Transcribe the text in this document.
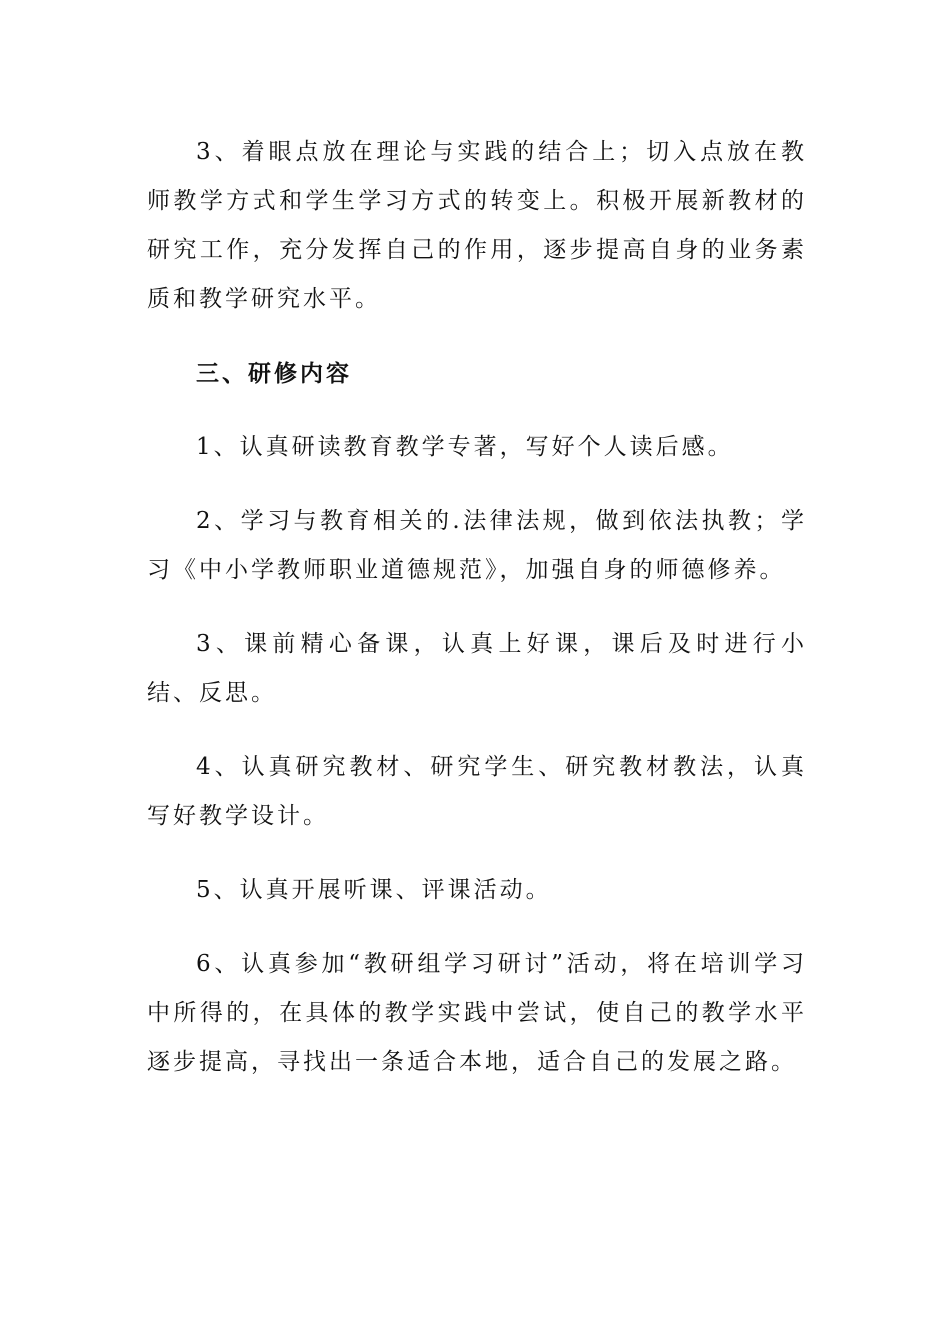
3、着眼点放在理论与实践的结合上；切入点放在教师教学方式和学生学习方式的转变上。积极开展新教材的研究工作，充分发挥自己的作用，逐步提高自身的业务素质和教学研究水平。

三、研修内容

1、认真研读教育教学专著，写好个人读后感。

2、学习与教育相关的.法律法规，做到依法执教；学习《中小学教师职业道德规范》，加强自身的师德修养。

3、课前精心备课，认真上好课，课后及时进行小结、反思。

4、认真研究教材、研究学生、研究教材教法，认真写好教学设计。

5、认真开展听课、评课活动。

6、认真参加“教研组学习研讨”活动，将在培训学习中所得的，在具体的教学实践中尝试，使自己的教学水平逐步提高，寻找出一条适合本地，适合自己的发展之路。
